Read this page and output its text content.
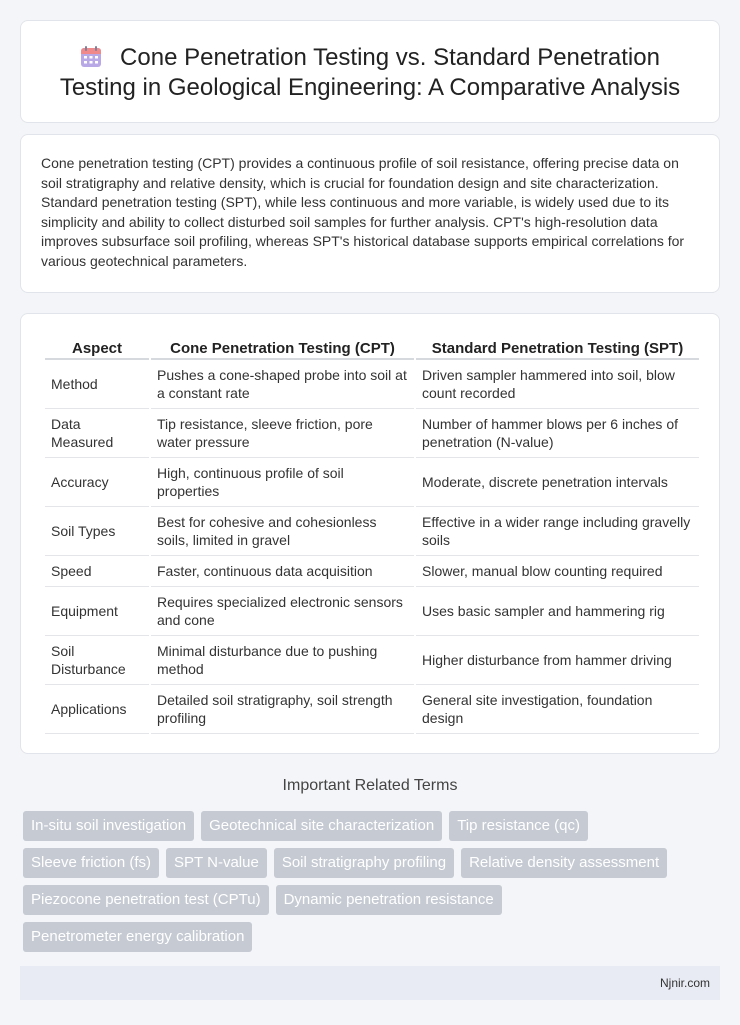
Cone Penetration Testing vs. Standard Penetration Testing in Geological Engineering: A Comparative Analysis

Cone penetration testing (CPT) provides a continuous profile of soil resistance, offering precise data on soil stratigraphy and relative density, which is crucial for foundation design and site characterization. Standard penetration testing (SPT), while less continuous and more variable, is widely used due to its simplicity and ability to collect disturbed soil samples for further analysis. CPT's high-resolution data improves subsurface soil profiling, whereas SPT's historical database supports empirical correlations for various geotechnical parameters.

Aspect	Cone Penetration Testing (CPT)	Standard Penetration Testing (SPT)
Method	Pushes a cone-shaped probe into soil at a constant rate	Driven sampler hammered into soil, blow count recorded
Data Measured	Tip resistance, sleeve friction, pore water pressure	Number of hammer blows per 6 inches of penetration (N-value)
Accuracy	High, continuous profile of soil properties	Moderate, discrete penetration intervals
Soil Types	Best for cohesive and cohesionless soils, limited in gravel	Effective in a wider range including gravelly soils
Speed	Faster, continuous data acquisition	Slower, manual blow counting required
Equipment	Requires specialized electronic sensors and cone	Uses basic sampler and hammering rig
Soil Disturbance	Minimal disturbance due to pushing method	Higher disturbance from hammer driving
Applications	Detailed soil stratigraphy, soil strength profiling	General site investigation, foundation design
Important Related Terms
In-situ soil investigation	Geotechnical site characterization	Tip resistance (qc)
Sleeve friction (fs)	SPT N-value	Soil stratigraphy profiling	Relative density assessment
Piezocone penetration test (CPTu)	Dynamic penetration resistance
Penetrometer energy calibration
Njnir.com
